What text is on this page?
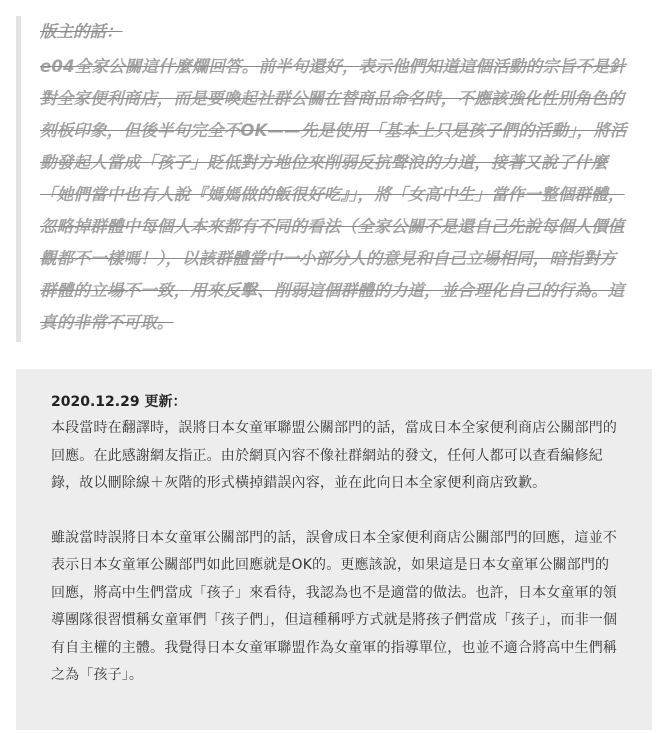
版主的話：

e04全家公關這什麼爛回答。前半句還好，表示他們知道這個活動的宗旨不是針對全家便利商店，而是要喚起社群公關在替商品命名時，不應該強化性別角色的刻板印象，但後半句完全不OK——先是使用「基本上只是孩子們的活動」，將活動發起人當成「孩子」貶低對方地位來削弱反抗聲浪的力道，接著又說了什麼「她們當中也有人說『媽媽做的飯很好吃』」，將「女高中生」當作一整個群體，忽略掉群體中每個人本來都有不同的看法（全家公關不是還自己先說每個人價值觀都不一樣嗎！），以該群體當中一小部分人的意見和自己立場相同，暗指對方群體的立場不一致，用來反擊、削弱這個群體的力道，並合理化自己的行為。這真的非常不可取。

2020.12.29 更新：

本段當時在翻譯時，誤將日本女童軍聯盟公關部門的話，當成日本全家便利商店公關部門的回應。在此感謝網友指正。由於網頁內容不像社群網站的發文，任何人都可以查看編修紀錄，故以刪除線＋灰階的形式橫掉錯誤內容，並在此向日本全家便利商店致歉。

雖說當時誤將日本女童軍公關部門的話，誤會成日本全家便利商店公關部門的回應，這並不表示日本女童軍公關部門如此回應就是OK的。更應該說，如果這是日本女童軍公關部門的回應，將高中生們當成「孩子」來看待，我認為也不是適當的做法。也許，日本女童軍的領導團隊很習慣稱女童軍們「孩子們」，但這種稱呼方式就是將孩子們當成「孩子」，而非一個有自主權的主體。我覺得日本女童軍聯盟作為女童軍的指導單位，也並不適合將高中生們稱之為「孩子」。
